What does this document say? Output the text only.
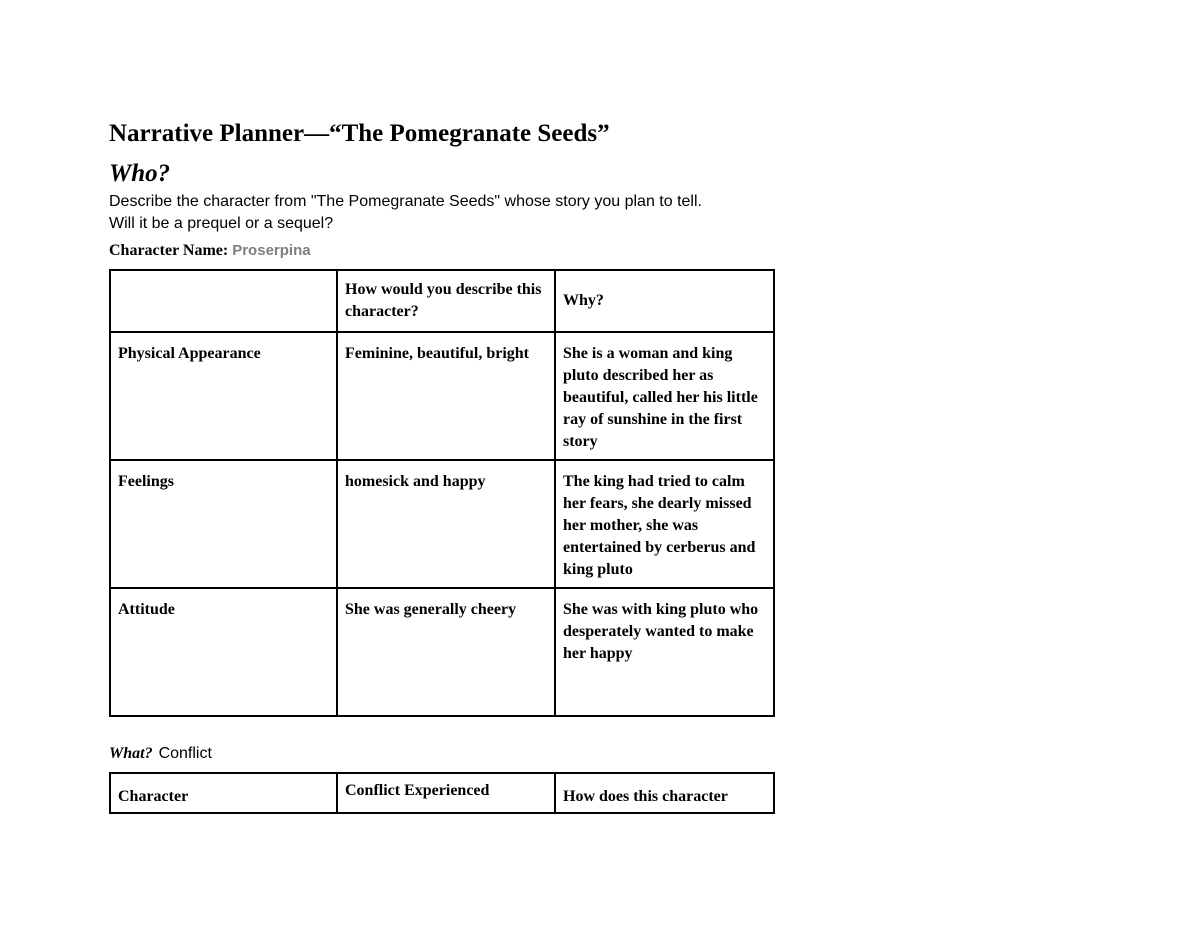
Narrative Planner—“The Pomegranate Seeds”
Who?
Describe the character from "The Pomegranate Seeds" whose story you plan to tell. Will it be a prequel or a sequel?
Character Name: Proserpina
	How would you describe this character?	Why?
Physical Appearance	Feminine, beautiful, bright	She is a woman and king pluto described her as beautiful, called her his little ray of sunshine in the first story
Feelings	homesick and happy	The king had tried to calm her fears, she dearly missed her mother, she was entertained by cerberus and king pluto
Attitude	She was generally cheery	She was with king pluto who desperately wanted to make her happy
What? Conflict
Character	Conflict Experienced	How does this character
